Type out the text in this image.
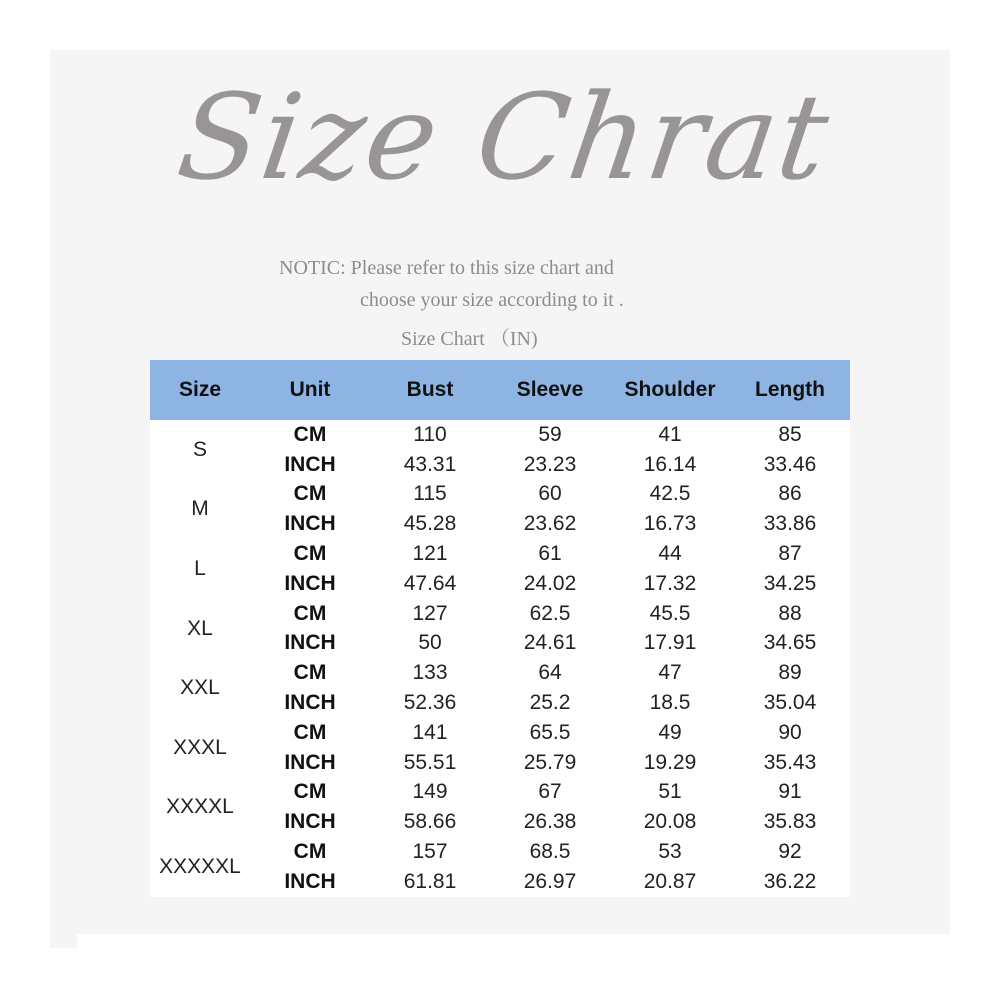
Size Chrat
NOTIC: Please refer to this size chart and
choose your size according to it .
Size Chart （IN)
Size	Unit	Bust	Sleeve	Shoulder	Length
S	CM	110	59	41	85
	INCH	43.31	23.23	16.14	33.46
M	CM	115	60	42.5	86
	INCH	45.28	23.62	16.73	33.86
L	CM	121	61	44	87
	INCH	47.64	24.02	17.32	34.25
XL	CM	127	62.5	45.5	88
	INCH	50	24.61	17.91	34.65
XXL	CM	133	64	47	89
	INCH	52.36	25.2	18.5	35.04
XXXL	CM	141	65.5	49	90
	INCH	55.51	25.79	19.29	35.43
XXXXL	CM	149	67	51	91
	INCH	58.66	26.38	20.08	35.83
XXXXXL	CM	157	68.5	53	92
	INCH	61.81	26.97	20.87	36.22
